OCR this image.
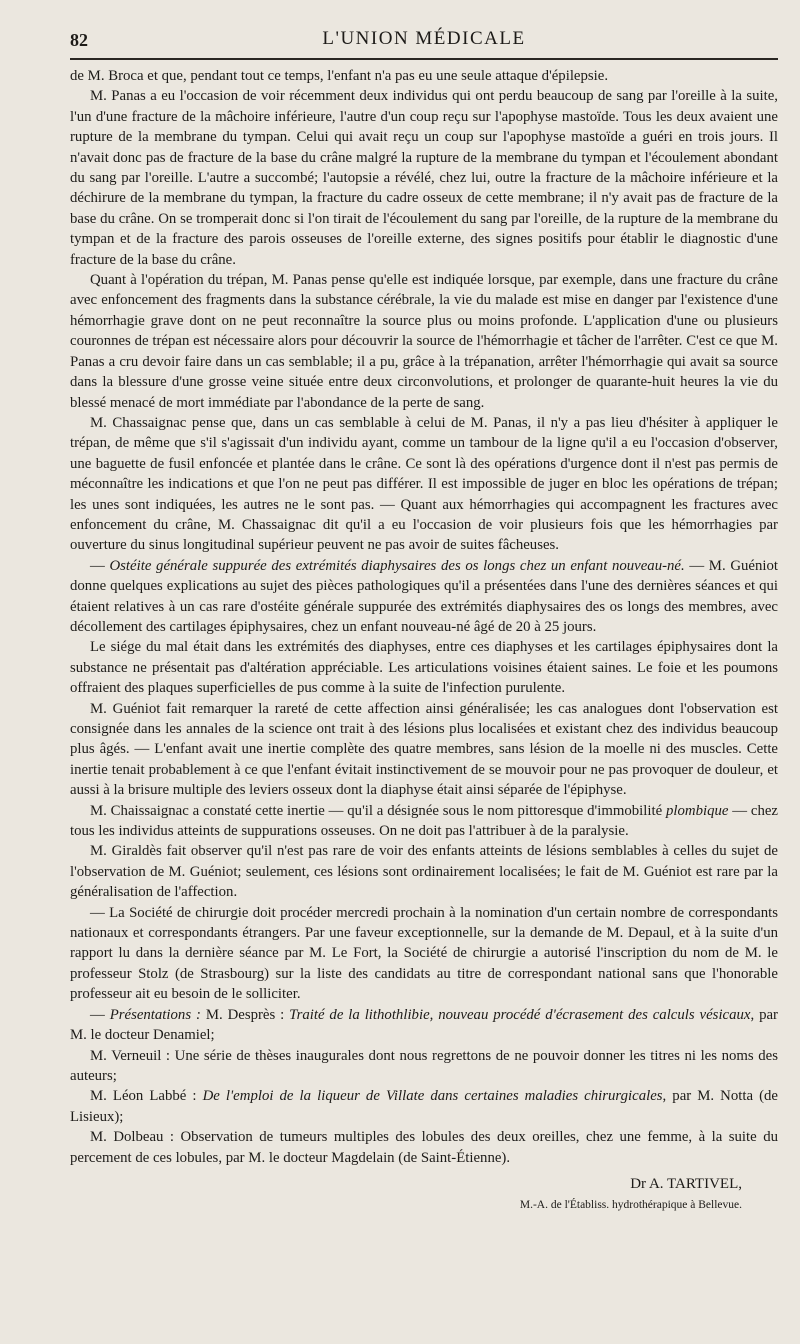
82	L'UNION MÉDICALE

de M. Broca et que, pendant tout ce temps, l'enfant n'a pas eu une seule attaque d'épilepsie.

M. Panas a eu l'occasion de voir récemment deux individus qui ont perdu beaucoup de sang par l'oreille à la suite, l'un d'une fracture de la mâchoire inférieure, l'autre d'un coup reçu sur l'apophyse mastoïde. Tous les deux avaient une rupture de la membrane du tympan. Celui qui avait reçu un coup sur l'apophyse mastoïde a guéri en trois jours. Il n'avait donc pas de fracture de la base du crâne malgré la rupture de la membrane du tympan et l'écoulement abondant du sang par l'oreille. L'autre a succombé; l'autopsie a révélé, chez lui, outre la fracture de la mâchoire inférieure et la déchirure de la membrane du tympan, la fracture du cadre osseux de cette membrane; il n'y avait pas de fracture de la base du crâne. On se tromperait donc si l'on tirait de l'écoulement du sang par l'oreille, de la rupture de la membrane du tympan et de la fracture des parois osseuses de l'oreille externe, des signes positifs pour établir le diagnostic d'une fracture de la base du crâne.

Quant à l'opération du trépan, M. Panas pense qu'elle est indiquée lorsque, par exemple, dans une fracture du crâne avec enfoncement des fragments dans la substance cérébrale, la vie du malade est mise en danger par l'existence d'une hémorrhagie grave dont on ne peut reconnaître la source plus ou moins profonde. L'application d'une ou plusieurs couronnes de trépan est nécessaire alors pour découvrir la source de l'hémorrhagie et tâcher de l'arrêter. C'est ce que M. Panas a cru devoir faire dans un cas semblable; il a pu, grâce à la trépanation, arrêter l'hémorrhagie qui avait sa source dans la blessure d'une grosse veine située entre deux circonvolutions, et prolonger de quarante-huit heures la vie du blessé menacé de mort immédiate par l'abondance de la perte de sang.

M. Chassaignac pense que, dans un cas semblable à celui de M. Panas, il n'y a pas lieu d'hésiter à appliquer le trépan, de même que s'il s'agissait d'un individu ayant, comme un tambour de la ligne qu'il a eu l'occasion d'observer, une baguette de fusil enfoncée et plantée dans le crâne. Ce sont là des opérations d'urgence dont il n'est pas permis de méconnaître les indications et que l'on ne peut pas différer. Il est impossible de juger en bloc les opérations de trépan; les unes sont indiquées, les autres ne le sont pas. — Quant aux hémorrhagies qui accompagnent les fractures avec enfoncement du crâne, M. Chassaignac dit qu'il a eu l'occasion de voir plusieurs fois que les hémorrhagies par ouverture du sinus longitudinal supérieur peuvent ne pas avoir de suites fâcheuses.

— Ostéite générale suppurée des extrémités diaphysaires des os longs chez un enfant nouveau-né. — M. Guéniot donne quelques explications au sujet des pièces pathologiques qu'il a présentées dans l'une des dernières séances et qui étaient relatives à un cas rare d'ostéite générale suppurée des extrémités diaphysaires des os longs des membres, avec décollement des cartilages épiphysaires, chez un enfant nouveau-né âgé de 20 à 25 jours.

Le siége du mal était dans les extrémités des diaphyses, entre ces diaphyses et les cartilages épiphysaires dont la substance ne présentait pas d'altération appréciable. Les articulations voisines étaient saines. Le foie et les poumons offraient des plaques superficielles de pus comme à la suite de l'infection purulente.

M. Guéniot fait remarquer la rareté de cette affection ainsi généralisée; les cas analogues dont l'observation est consignée dans les annales de la science ont trait à des lésions plus localisées et existant chez des individus beaucoup plus âgés. — L'enfant avait une inertie complète des quatre membres, sans lésion de la moelle ni des muscles. Cette inertie tenait probablement à ce que l'enfant évitait instinctivement de se mouvoir pour ne pas provoquer de douleur, et aussi à la brisure multiple des leviers osseux dont la diaphyse était ainsi séparée de l'épiphyse.

M. Chaissaignac a constaté cette inertie — qu'il a désignée sous le nom pittoresque d'immobilité plombique — chez tous les individus atteints de suppurations osseuses. On ne doit pas l'attribuer à de la paralysie.

M. Giraldès fait observer qu'il n'est pas rare de voir des enfants atteints de lésions semblables à celles du sujet de l'observation de M. Guéniot; seulement, ces lésions sont ordinairement localisées; le fait de M. Guéniot est rare par la généralisation de l'affection.

— La Société de chirurgie doit procéder mercredi prochain à la nomination d'un certain nombre de correspondants nationaux et correspondants étrangers. Par une faveur exceptionnelle, sur la demande de M. Depaul, et à la suite d'un rapport lu dans la dernière séance par M. Le Fort, la Société de chirurgie a autorisé l'inscription du nom de M. le professeur Stolz (de Strasbourg) sur la liste des candidats au titre de correspondant national sans que l'honorable professeur ait eu besoin de le solliciter.

— Présentations : M. Desprès : Traité de la lithothlibie, nouveau procédé d'écrasement des calculs vésicaux, par M. le docteur Denamiel;

M. Verneuil : Une série de thèses inaugurales dont nous regrettons de ne pouvoir donner les titres ni les noms des auteurs;

M. Léon Labbé : De l'emploi de la liqueur de Villate dans certaines maladies chirurgicales, par M. Notta (de Lisieux);

M. Dolbeau : Observation de tumeurs multiples des lobules des deux oreilles, chez une femme, à la suite du percement de ces lobules, par M. le docteur Magdelain (de Saint-Étienne).

Dr A. TARTIVEL,
M.-A. de l'Établiss. hydrothérapique à Bellevue.
